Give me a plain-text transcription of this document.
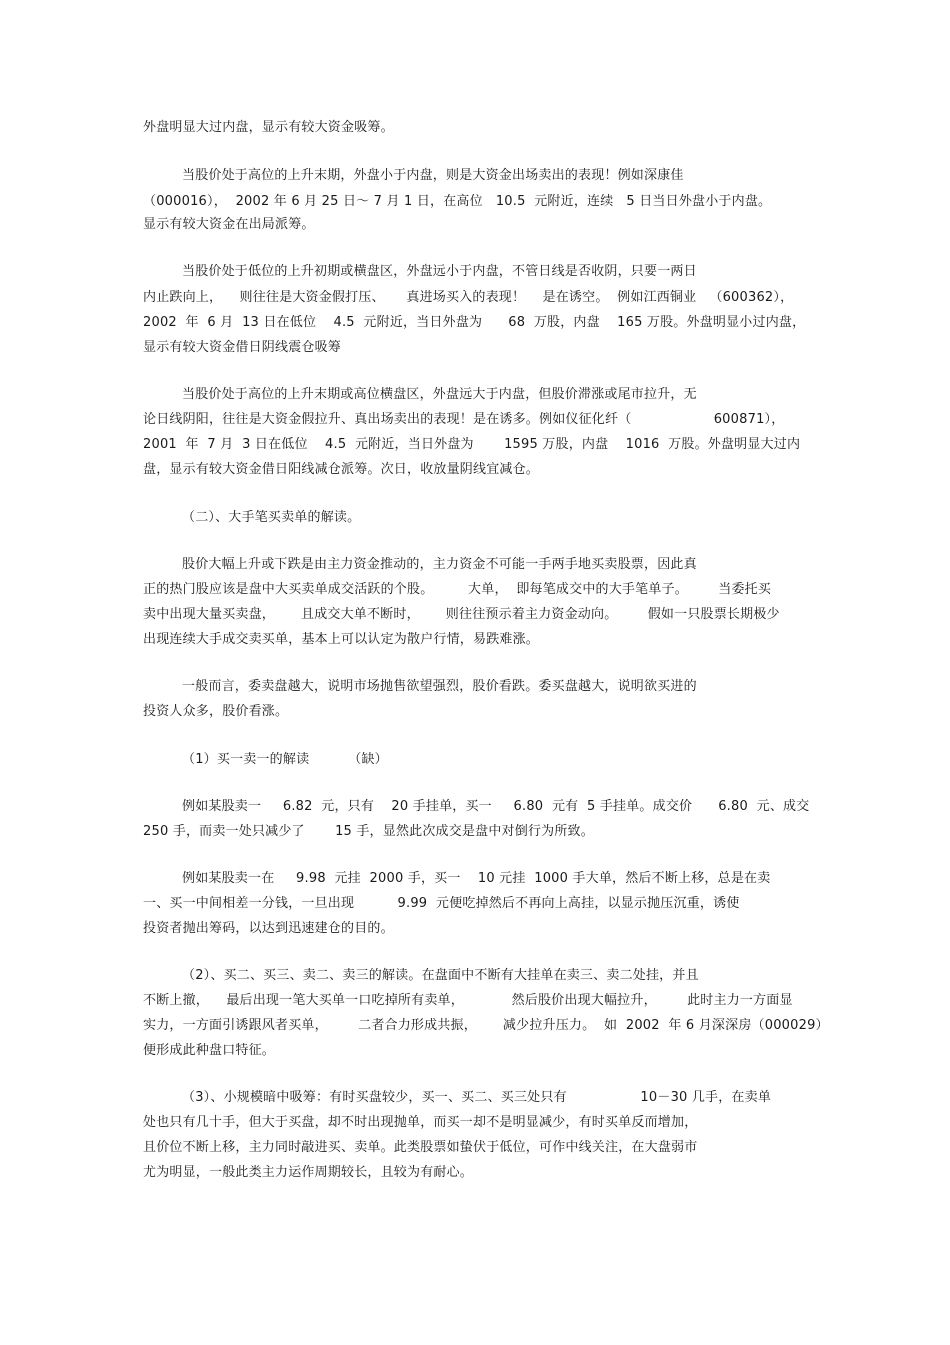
外盘明显大过内盘，显示有较大资金吸筹。
当股价处于高位的上升末期，外盘小于内盘，则是大资金出场卖出的表现！例如深康佳
（000016），  2002 年 6 月 25 日～ 7 月 1 日，在高位   10.5  元附近，连续   5 日当日外盘小于内盘。
显示有较大资金在出局派筹。
当股价处于低位的上升初期或横盘区，外盘远小于内盘，不管日线是否收阴，只要一两日
内止跌向上，    则往往是大资金假打压、     真进场买入的表现！    是在诱空。  例如江西铜业   （600362），
2002  年  6 月  13 日在低位    4.5  元附近，当日外盘为      68  万股，内盘    165 万股。外盘明显小过内盘，
显示有较大资金借日阴线震仓吸筹
当股价处于高位的上升末期或高位横盘区，外盘远大于内盘，但股价滞涨或尾市拉升，无
论日线阴阳，往往是大资金假拉升、真出场卖出的表现！是在诱多。例如仪征化纤（                   600871），
2001  年  7 月  3 日在低位    4.5  元附近，当日外盘为       1595 万股，内盘    1016  万股。外盘明显大过内
盘，显示有较大资金借日阳线减仓派筹。次日，收放量阴线宜减仓。
（二）、大手笔买卖单的解读。
股价大幅上升或下跌是由主力资金推动的，主力资金不可能一手两手地买卖股票，因此真
正的热门股应该是盘中大买卖单成交活跃的个股。        大单，  即每笔成交中的大手笔单子。       当委托买
卖中出现大量买卖盘，      且成交大单不断时，      则往往预示着主力资金动向。       假如一只股票长期极少
出现连续大手成交卖买单，基本上可以认定为散户行情，易跌难涨。
一般而言，委卖盘越大，说明市场抛售欲望强烈，股价看跌。委买盘越大，说明欲买进的
投资人众多，股价看涨。
（1）买一卖一的解读         （缺）
例如某股卖一     6.82  元，只有    20 手挂单，买一     6.80  元有  5 手挂单。成交价      6.80  元、成交
250 手，而卖一处只减少了       15 手，显然此次成交是盘中对倒行为所致。
例如某股卖一在     9.98  元挂  2000 手，买一    10 元挂  1000 手大单，然后不断上移，总是在卖
一、买一中间相差一分钱，一旦出现          9.99  元便吃掉然后不再向上高挂，以显示抛压沉重，诱使
投资者抛出筹码，以达到迅速建仓的目的。
（2）、买二、买三、卖二、卖三的解读。在盘面中不断有大挂单在卖三、卖二处挂，并且
不断上撤，    最后出现一笔大买单一口吃掉所有卖单，           然后股价出现大幅拉升，       此时主力一方面显
实力，一方面引诱跟风者买单，       二者合力形成共振，      减少拉升压力。  如  2002  年 6 月深深房（000029）
便形成此种盘口特征。
（3）、小规模暗中吸筹：有时买盘较少，买一、买二、买三处只有                 10－30 几手，在卖单
处也只有几十手，但大于买盘，却不时出现抛单，而买一却不是明显减少，有时买单反而增加，
且价位不断上移，主力同时敲进买、卖单。此类股票如蛰伏于低位，可作中线关注，在大盘弱市
尤为明显，一般此类主力运作周期较长，且较为有耐心。
